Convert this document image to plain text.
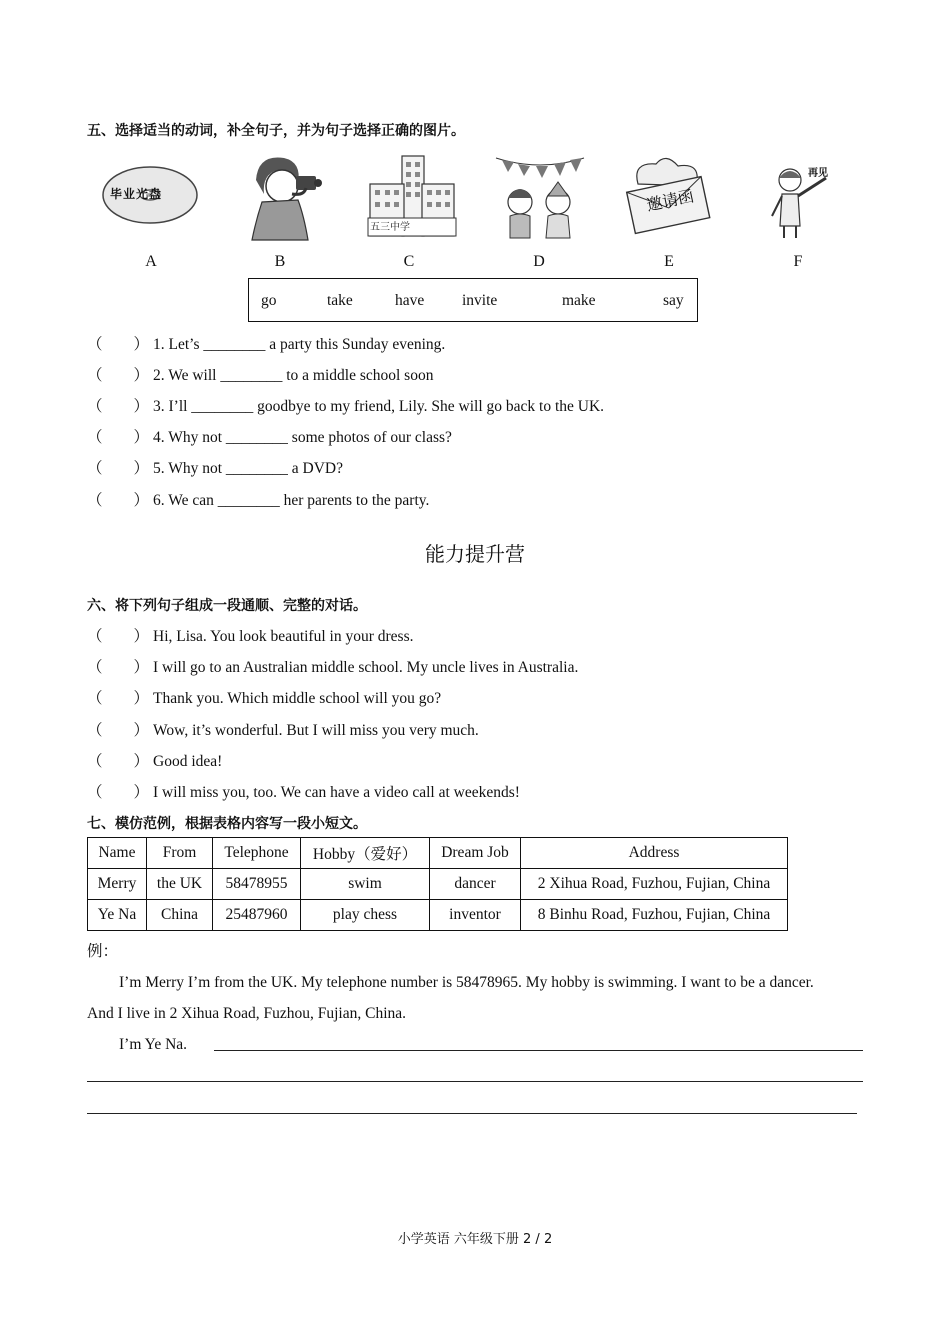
五、选择适当的动词，补全句子，并为句子选择正确的图片。
毕业光盘
五三中学
邀请函
再见
A	B	C	D	E	F
go	take	have invite	make	say
（　　） 1. Let’s ________ a party this Sunday evening.
（　　） 2. We will ________ to a middle school soon
（　　） 3. I’ll ________ goodbye to my friend, Lily. She will go back to the UK.
（　　） 4. Why not ________ some photos of our class?
（　　） 5. Why not ________ a DVD?
（　　） 6. We can ________ her parents to the party.
能力提升营
六、将下列句子组成一段通顺、完整的对话。
（　　） Hi, Lisa. You look beautiful in your dress.
（　　） I will go to an Australian middle school. My uncle lives in Australia.
（　　） Thank you. Which middle school will you go?
（　　） Wow, it’s wonderful. But I will miss you very much.
（　　） Good idea!
（　　） I will miss you, too. We can have a video call at weekends!
七、模仿范例，根据表格内容写一段小短文。
Name	From	Telephone	Hobby（爱好）	Dream Job	Address
Merry	the UK	58478955	swim	dancer	2 Xihua Road, Fuzhou, Fujian, China
Ye Na	China	25487960	play chess	inventor	8 Binhu Road, Fuzhou, Fujian, China
例：
I’m Merry I’m from the UK. My telephone number is 58478965. My hobby is swimming. I want to be a dancer.
And I live in 2 Xihua Road, Fuzhou, Fujian, China.
I’m Ye Na.
小学英语 六年级下册 2 / 2
